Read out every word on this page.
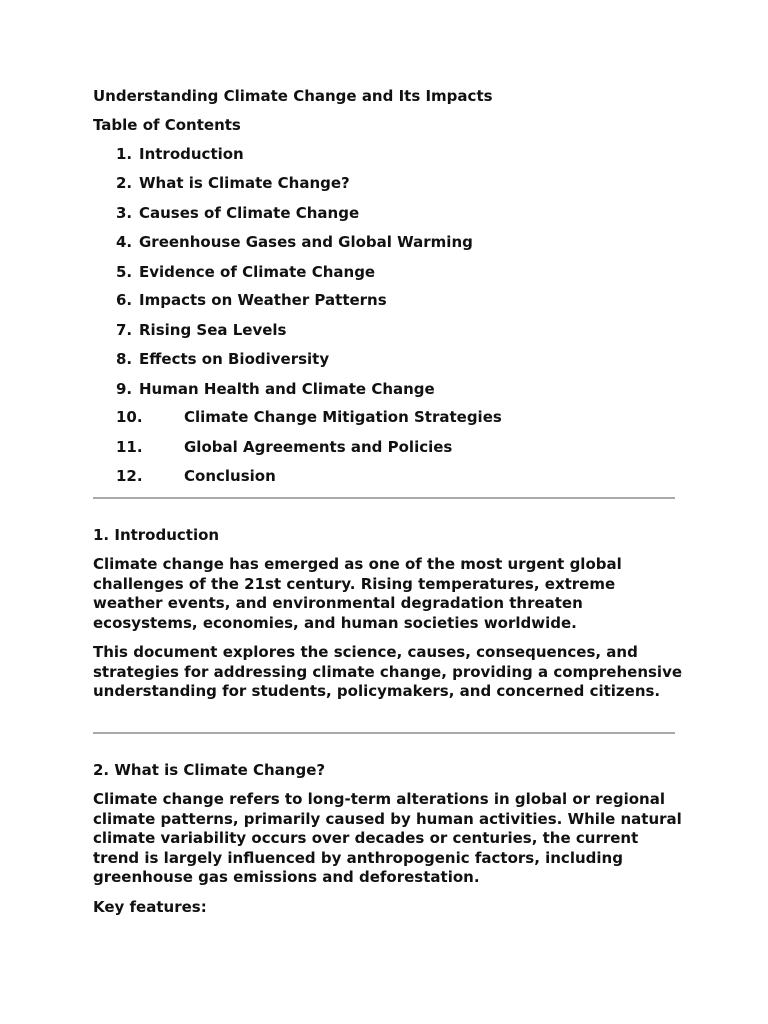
Understanding Climate Change and Its Impacts
Table of Contents
1. Introduction
2. What is Climate Change?
3. Causes of Climate Change
4. Greenhouse Gases and Global Warming
5. Evidence of Climate Change
6. Impacts on Weather Patterns
7. Rising Sea Levels
8. Effects on Biodiversity
9. Human Health and Climate Change
10.	Climate Change Mitigation Strategies
11.	Global Agreements and Policies
12.	Conclusion
1. Introduction
Climate change has emerged as one of the most urgent global challenges of the 21st century. Rising temperatures, extreme weather events, and environmental degradation threaten ecosystems, economies, and human societies worldwide.
This document explores the science, causes, consequences, and strategies for addressing climate change, providing a comprehensive understanding for students, policymakers, and concerned citizens.
2. What is Climate Change?
Climate change refers to long-term alterations in global or regional climate patterns, primarily caused by human activities. While natural climate variability occurs over decades or centuries, the current trend is largely influenced by anthropogenic factors, including greenhouse gas emissions and deforestation.
Key features:
